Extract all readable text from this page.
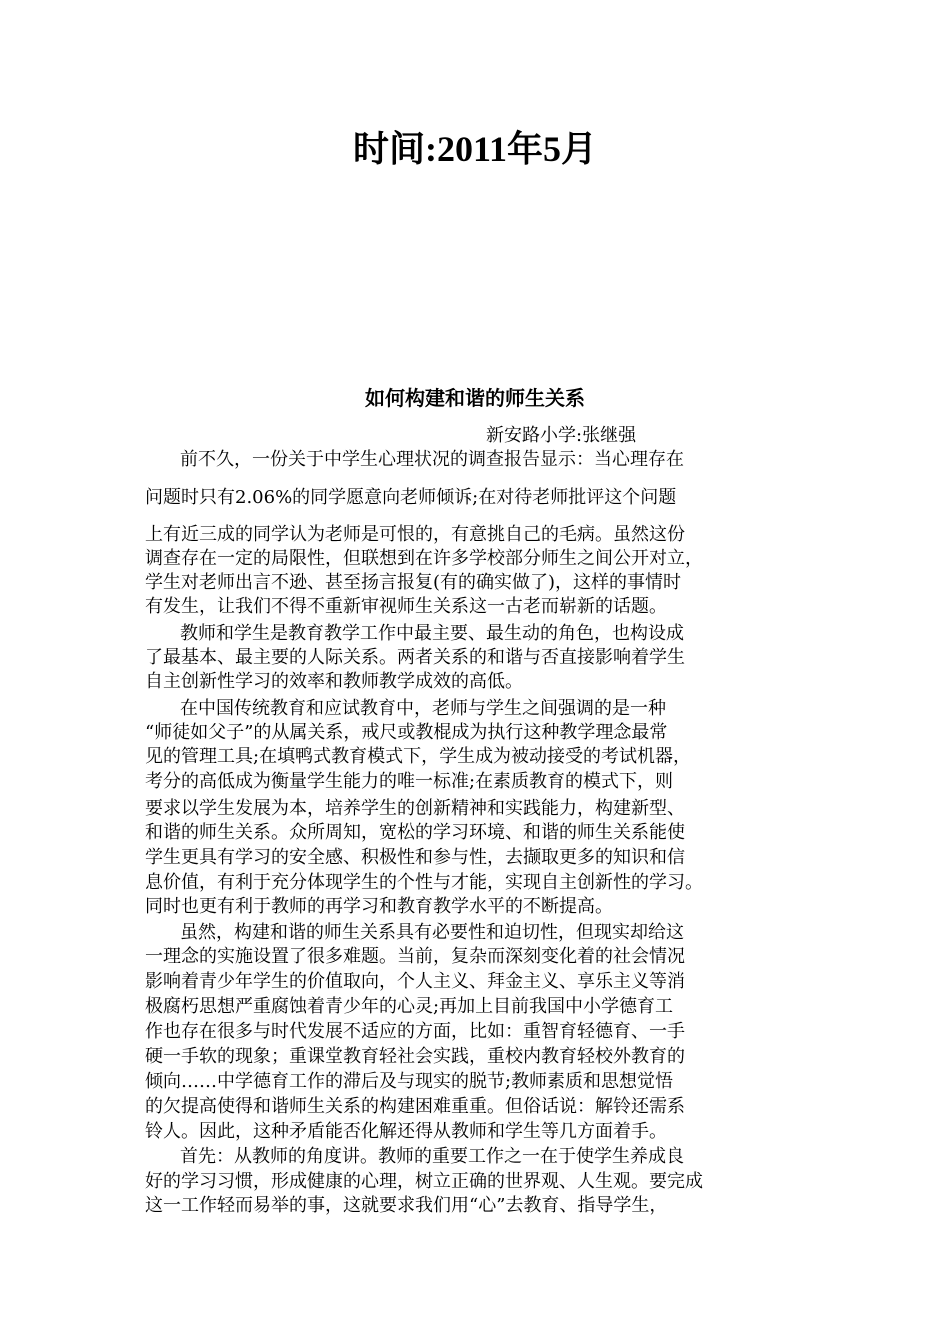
时间:2011年5月
如何构建和谐的师生关系

新安路小学:张继强

前不久，一份关于中学生心理状况的调查报告显示：当心理存在

问题时只有2.06%的同学愿意向老师倾诉;在对待老师批评这个问题

上有近三成的同学认为老师是可恨的，有意挑自己的毛病。虽然这份

调查存在一定的局限性，但联想到在许多学校部分师生之间公开对立，

学生对老师出言不逊、甚至扬言报复(有的确实做了)，这样的事情时

有发生，让我们不得不重新审视师生关系这一古老而崭新的话题。

教师和学生是教育教学工作中最主要、最生动的角色，也构设成

了最基本、最主要的人际关系。两者关系的和谐与否直接影响着学生

自主创新性学习的效率和教师教学成效的高低。

在中国传统教育和应试教育中，老师与学生之间强调的是一种

“师徒如父子”的从属关系，戒尺或教棍成为执行这种教学理念最常

见的管理工具;在填鸭式教育模式下，学生成为被动接受的考试机器，

考分的高低成为衡量学生能力的唯一标准;在素质教育的模式下，则

要求以学生发展为本，培养学生的创新精神和实践能力，构建新型、

和谐的师生关系。众所周知，宽松的学习环境、和谐的师生关系能使

学生更具有学习的安全感、积极性和参与性，去撷取更多的知识和信

息价值，有利于充分体现学生的个性与才能，实现自主创新性的学习。

同时也更有利于教师的再学习和教育教学水平的不断提高。

虽然，构建和谐的师生关系具有必要性和迫切性，但现实却给这

一理念的实施设置了很多难题。当前，复杂而深刻变化着的社会情况

影响着青少年学生的价值取向，个人主义、拜金主义、享乐主义等消

极腐朽思想严重腐蚀着青少年的心灵;再加上目前我国中小学德育工

作也存在很多与时代发展不适应的方面，比如：重智育轻德育、一手

硬一手软的现象；重课堂教育轻社会实践，重校内教育轻校外教育的

倾向……中学德育工作的滞后及与现实的脱节;教师素质和思想觉悟

的欠提高使得和谐师生关系的构建困难重重。但俗话说：解铃还需系

铃人。因此，这种矛盾能否化解还得从教师和学生等几方面着手。

首先：从教师的角度讲。教师的重要工作之一在于使学生养成良

好的学习习惯，形成健康的心理，树立正确的世界观、人生观。要完成

这一工作轻而易举的事，这就要求我们用“心”去教育、指导学生，
